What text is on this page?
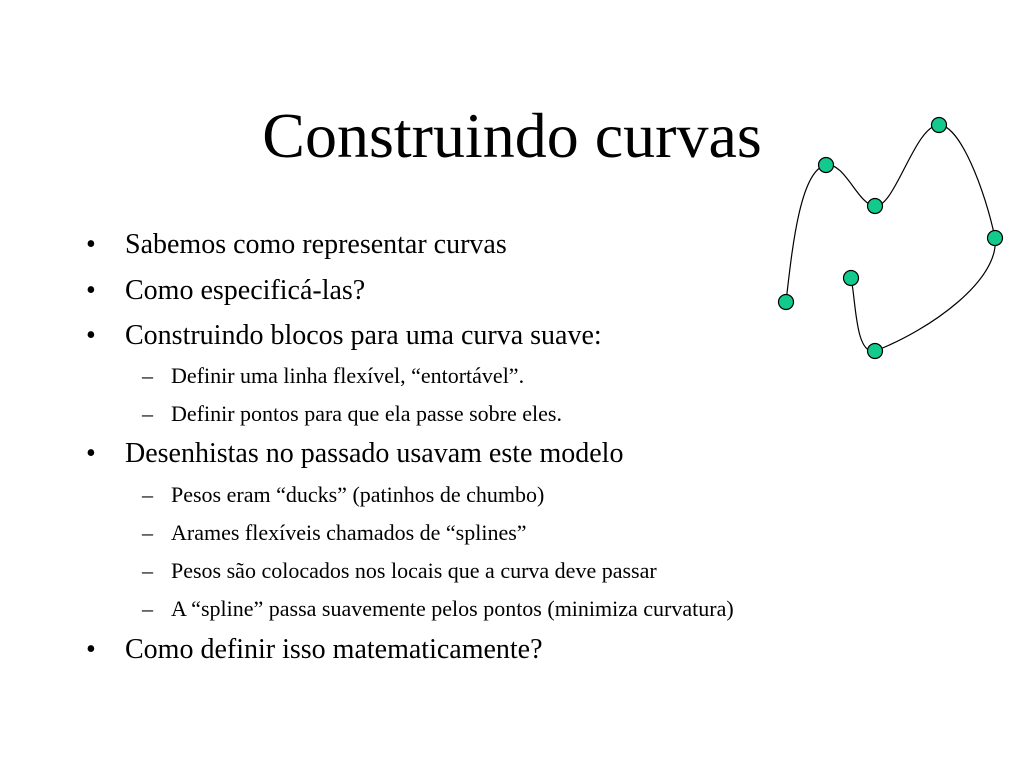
Construindo curvas
• Sabemos como representar curvas
• Como especificá-las?
• Construindo blocos para uma curva suave:
– Definir uma linha flexível, “entortável”.
– Definir pontos para que ela passe sobre eles.
• Desenhistas no passado usavam este modelo
– Pesos eram “ducks” (patinhos de chumbo)
– Arames flexíveis chamados de “splines”
– Pesos são colocados nos locais que a curva deve passar
– A “spline” passa suavemente pelos pontos (minimiza curvatura)
• Como definir isso matematicamente?
